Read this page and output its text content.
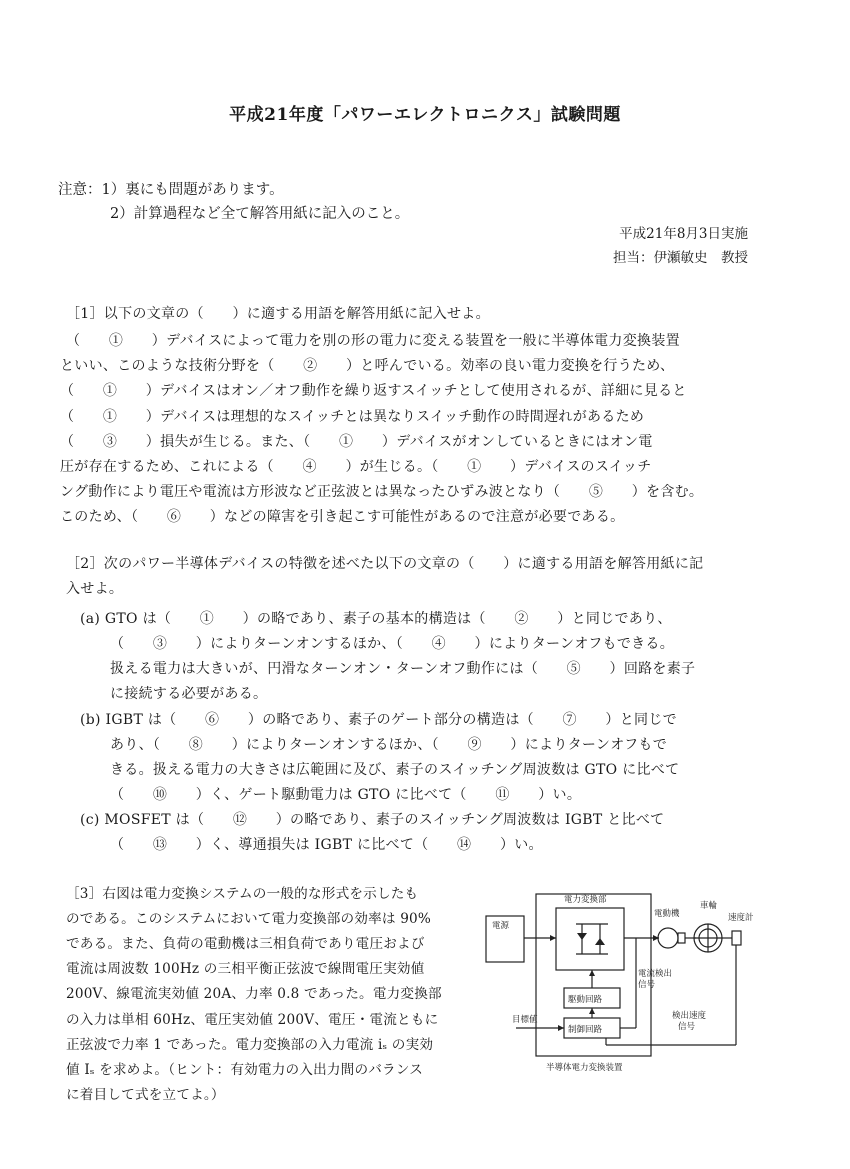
平成21年度「パワーエレクトロニクス」試験問題
注意：1）裏にも問題があります。
2）計算過程など全て解答用紙に記入のこと。
平成21年8月3日実施
担当：伊瀬敏史　教授
［1］以下の文章の（　　）に適する用語を解答用紙に記入せよ。
（　　①　　）デバイスによって電力を別の形の電力に変える装置を一般に半導体電力変換装置
といい、このような技術分野を（　　②　　）と呼んでいる。効率の良い電力変換を行うため、
（　　①　　）デバイスはオン／オフ動作を繰り返すスイッチとして使用されるが、詳細に見ると
（　　①　　）デバイスは理想的なスイッチとは異なりスイッチ動作の時間遅れがあるため
（　　③　　）損失が生じる。また、（　　①　　）デバイスがオンしているときにはオン電
圧が存在するため、これによる（　　④　　）が生じる。（　　①　　）デバイスのスイッチ
ング動作により電圧や電流は方形波など正弦波とは異なったひずみ波となり（　　⑤　　）を含む。
このため、（　　⑥　　）などの障害を引き起こす可能性があるので注意が必要である。
［2］次のパワー半導体デバイスの特徴を述べた以下の文章の（　　）に適する用語を解答用紙に記
入せよ。
(a) GTO は（　　①　　）の略であり、素子の基本的構造は（　　②　　）と同じであり、
（　　③　　）によりターンオンするほか、（　　④　　）によりターンオフもできる。
扱える電力は大きいが、円滑なターンオン・ターンオフ動作には（　　⑤　　）回路を素子
に接続する必要がある。
(b) IGBT は（　　⑥　　）の略であり、素子のゲート部分の構造は（　　⑦　　）と同じで
あり、（　　⑧　　）によりターンオンするほか、（　　⑨　　）によりターンオフもで
きる。扱える電力の大きさは広範囲に及び、素子のスイッチング周波数は GTO に比べて
（　　⑩　　）く、ゲート駆動電力は GTO に比べて（　　⑪　　）い。
(c) MOSFET は（　　⑫　　）の略であり、素子のスイッチング周波数は IGBT と比べて
（　　⑬　　）く、導通損失は IGBT に比べて（　　⑭　　）い。
［3］右図は電力変換システムの一般的な形式を示したも
のである。このシステムにおいて電力変換部の効率は 90%
である。また、負荷の電動機は三相負荷であり電圧および
電流は周波数 100Hz の三相平衡正弦波で線間電圧実効値
200V、線電流実効値 20A、力率 0.8 であった。電力変換部
の入力は単相 60Hz、電圧実効値 200V、電圧・電流ともに
正弦波で力率 1 であった。電力変換部の入力電流 iₛ の実効
値 Iₛ を求めよ。（ヒント：有効電力の入出力間のバランス
に着目して式を立てよ。）
電源
電力変換部
駆動回路
制御回路
電動機
車輪
速度計
電流検出
信号
検出速度
信号
目標値
半導体電力変換装置
